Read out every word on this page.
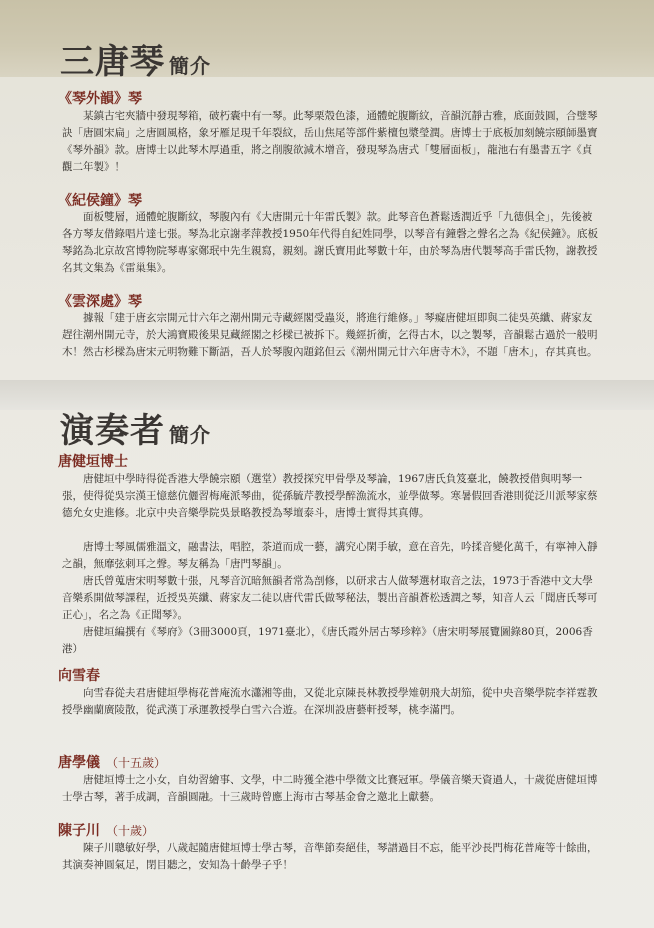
三唐琴 簡介
《琴外韻》琴

某鎮古宅夾牆中發現琴箱，破朽囊中有一琴。此琴栗殼色漆，通體蛇腹斷紋，音韻沉靜古雅，底面鼓圓，合璧琴訣「唐圓宋扁」之唐圓風格，象牙雁足現千年裂紋，岳山焦尾等部件紫檀包漿瑩潤。唐博士于底板加刻饒宗頤師墨寶《琴外韻》款。唐博士以此琴木厚過重，將之削腹欲減木增音，發現琴為唐式「雙層面板」，龍池右有墨書五字《貞觀二年製》！

《紀侯鐘》琴

面板雙層，通體蛇腹斷紋，琴腹內有《大唐開元十年雷氏製》款。此琴音色蒼鬆透潤近乎「九德俱全」，先後被各方琴友借錄唱片達七張。琴為北京謝孝萍教授1950年代得自紀姓同學，以琴音有鐘磬之聲名之為《紀侯鐘》。底板琴銘為北京故宮博物院琴專家鄭珉中先生親寫，親刻。謝氏寶用此琴數十年，由於琴為唐代製琴高手雷氏物，謝教授名其文集為《雷巢集》。

《雲深處》琴

據報「建于唐玄宗開元廿六年之潮州開元寺藏經閣受蟲災，將進行維修。」琴癡唐健垣即與二徒吳英纖、蔣家友趕往潮州開元寺，於大鴻寶殿後果見藏經閣之杉樑已被拆下。幾經折衝，乞得古木，以之製琴，音韻鬆古過於一般明木！然古杉樑為唐宋元明物難下斷語，吾人於琴腹內題銘但云《潮州開元廿六年唐寺木》，不題「唐木」，存其真也。

演奏者 簡介
唐健垣博士

唐健垣中學時得從香港大學饒宗頤（選堂）教授探究甲骨學及琴論，1967唐氏負笈臺北，饒教授借與明琴一張，使得從吳宗漢王憶慈伉儷習梅庵派琴曲，從孫毓芹教授學醉漁流水，並學做琴。寒暑假回香港則從泛川派琴家蔡德允女史進修。北京中央音樂學院吳景略教授為琴壇泰斗，唐博士實得其真傳。

唐博士琴風儒雅溫文，融書法，唱腔，茶道而成一藝，講究心閑手敏，意在音先，吟揉音變化萬千，有寧神入靜之韻，無靡弦刺耳之聲。琴友稱為「唐門琴韻」。

唐氏曾蒐唐宋明琴數十張，凡琴音沉暗無韻者常為剖修，以研求古人做琴選材取音之法，1973于香港中文大學音樂系開做琴課程，近授吳英纖、蔣家友二徒以唐代雷氏做琴秘法，製出音韻蒼松透潤之琴，知音人云「聞唐氏琴可正心」，名之為《正聞琴》。

唐健垣編撰有《琴府》（3冊3000頁，1971臺北），《唐氏霞外居古琴珍粹》（唐宋明琴展覽圖錄80頁，2006香港）

向雪春

向雪春從夫君唐健垣學梅花普庵流水瀟湘等曲，又從北京陳長林教授學雉朝飛大胡笳，從中央音樂學院李祥霆教授學幽蘭廣陵散，從武漢丁承運教授學白雪六合遊。在深圳設唐藝軒授琴，桃李滿門。

唐學儀 （十五歲）

唐健垣博士之小女，自幼習繪事、文學，中二時獲全港中學徵文比賽冠軍。學儀音樂天資過人，十歲從唐健垣博士學古琴，著手成調，音韻圓融。十三歲時曾應上海市古琴基金會之邀北上獻藝。

陳子川 （十歲）

陳子川聰敏好學，八歲起隨唐健垣博士學古琴，音準節奏絕佳，琴譜過目不忘，能平沙長門梅花普庵等十餘曲，其演奏神圓氣足，閉目聽之，安知為十齡學子乎！
